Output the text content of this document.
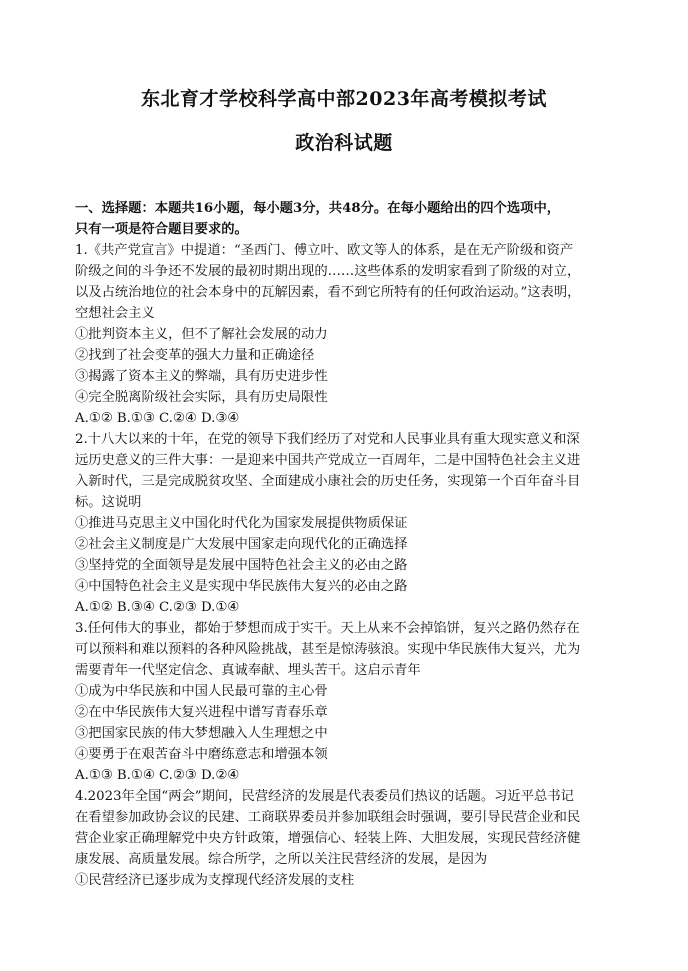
东北育才学校科学高中部2023年高考模拟考试
政治科试题
一、选择题：本题共16小题，每小题3分，共48分。在每小题给出的四个选项中，
只有一项是符合题目要求的。
1.《共产党宣言》中提道：“圣西门、傅立叶、欧文等人的体系，是在无产阶级和资产
阶级之间的斗争还不发展的最初时期出现的……这些体系的发明家看到了阶级的对立，
以及占统治地位的社会本身中的瓦解因素，看不到它所特有的任何政治运动。”这表明，
空想社会主义
①批判资本主义，但不了解社会发展的动力
②找到了社会变革的强大力量和正确途径
③揭露了资本主义的弊端，具有历史进步性
④完全脱离阶级社会实际，具有历史局限性
A.①② B.①③ C.②④ D.③④
2.十八大以来的十年，在党的领导下我们经历了对党和人民事业具有重大现实意义和深
远历史意义的三件大事：一是迎来中国共产党成立一百周年，二是中国特色社会主义进
入新时代，三是完成脱贫攻坚、全面建成小康社会的历史任务，实现第一个百年奋斗目
标。这说明
①推进马克思主义中国化时代化为国家发展提供物质保证
②社会主义制度是广大发展中国家走向现代化的正确选择
③坚持党的全面领导是发展中国特色社会主义的必由之路
④中国特色社会主义是实现中华民族伟大复兴的必由之路
A.①② B.③④ C.②③ D.①④
3.任何伟大的事业，都始于梦想而成于实干。天上从来不会掉馅饼，复兴之路仍然存在
可以预料和难以预料的各种风险挑战，甚至是惊涛骇浪。实现中华民族伟大复兴，尤为
需要青年一代坚定信念、真诚奉献、埋头苦干。这启示青年
①成为中华民族和中国人民最可靠的主心骨
②在中华民族伟大复兴进程中谱写青春乐章
③把国家民族的伟大梦想融入人生理想之中
④要勇于在艰苦奋斗中磨练意志和增强本领
A.①③ B.①④ C.②③ D.②④
4.2023年全国“两会”期间，民营经济的发展是代表委员们热议的话题。习近平总书记
在看望参加政协会议的民建、工商联界委员并参加联组会时强调，要引导民营企业和民
营企业家正确理解党中央方针政策，增强信心、轻装上阵、大胆发展，实现民营经济健
康发展、高质量发展。综合所学，之所以关注民营经济的发展，是因为
①民营经济已逐步成为支撑现代经济发展的支柱
